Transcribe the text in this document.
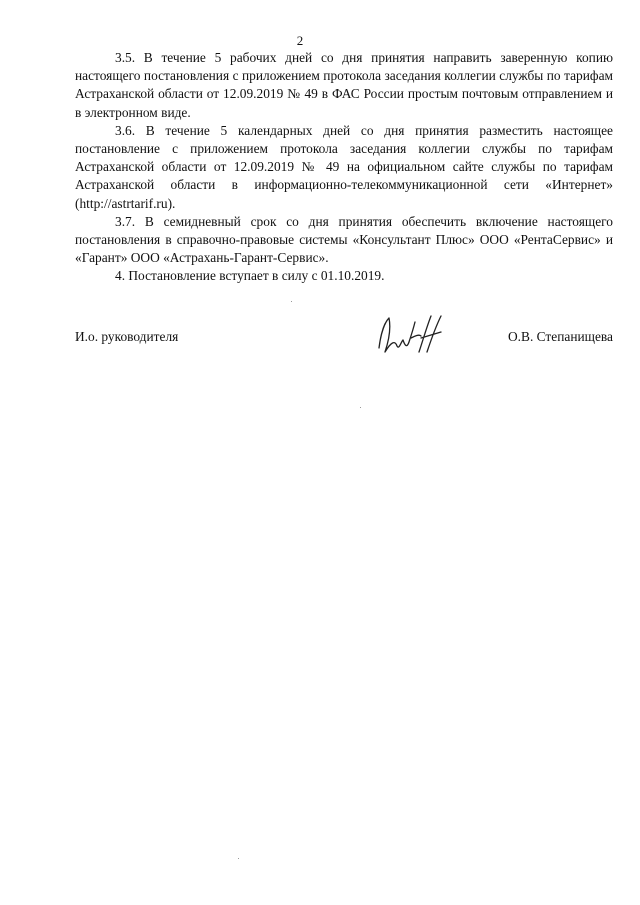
2

3.5. В течение 5 рабочих дней со дня принятия направить заверенную копию настоящего постановления с приложением протокола заседания коллегии службы по тарифам Астраханской области от 12.09.2019 № 49 в ФАС России простым почтовым отправлением и в электронном виде.

3.6. В течение 5 календарных дней со дня принятия разместить настоящее постановление с приложением протокола заседания коллегии службы по тарифам Астраханской области от 12.09.2019 № 49 на официальном сайте службы по тарифам Астраханской области в информационно-телекоммуникационной сети «Интернет» (http://astrtarif.ru).

3.7. В семидневный срок со дня принятия обеспечить включение настоящего постановления в справочно-правовые системы «Консультант Плюс» ООО «РентаСервис» и «Гарант» ООО «Астрахань-Гарант-Сервис».

4. Постановление вступает в силу с 01.10.2019.

И.о. руководителя	О.В. Степанищева
